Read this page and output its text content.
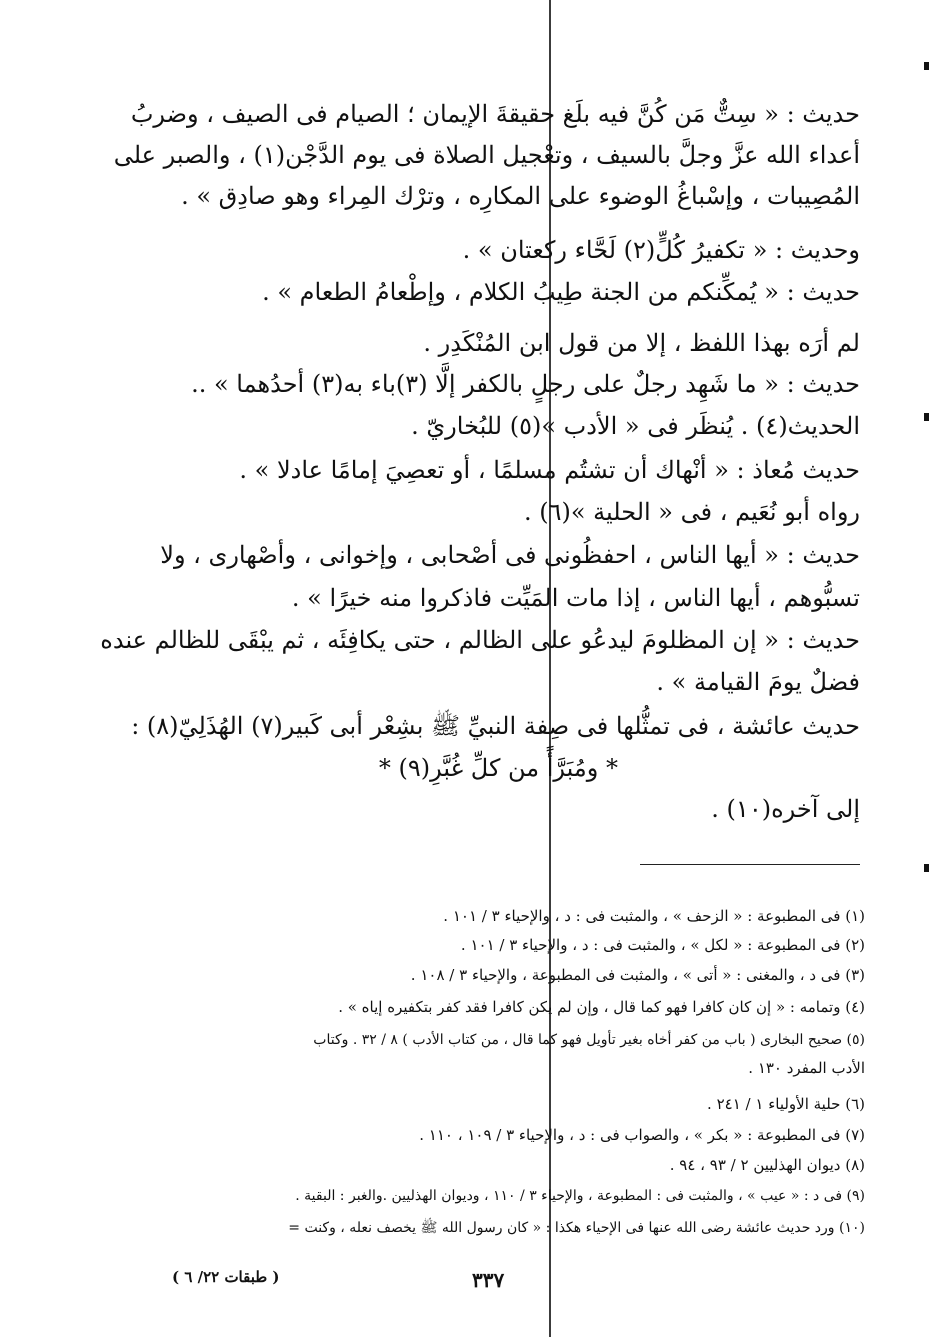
حديث : « سِتٌّ مَن كُنَّ فيه بلَغ حقيقةَ الإيمان ؛ الصيام فى الصيف ، وضربُ
أعداء الله عزَّ وجلَّ بالسيف ، وتعْجيل الصلاة فى يوم الدَّجْن(١) ، والصبر على
المُصِيبات ، وإسْباغُ الوضوء على المكارِه ، وترْك المِراء وهو صادِق » .
وحديث : « تكفيرُ كُلٍّ(٢) لَحَّاء ركعتان » .
حديث : « يُمكِّنكم من الجنة طِيبُ الكلام ، وإطْعامُ الطعام » .
لم أرَه بهذا اللفظ ، إلا من قول ابن المُنْكَدِر .
حديث : « ما شَهِد رجلٌ على رجلٍ بالكفر إلَّا (٣)باء به(٣) أحدُهما » ..
الحديث(٤) . يُنظَر فى « الأدب »(٥) للبُخاريّ .
حديث مُعاذ : « أنْهاك أن تشتُم مسلمًا ، أو تعصِيَ إمامًا عادلا » .
رواه أبو نُعَيم ، فى « الحلية »(٦) .
حديث : « أيها الناس ، احفظُونى فى أصْحابى ، وإخوانى ، وأصْهارى ، ولا
تسبُّوهم ، أيها الناس ، إذا مات المَيِّت فاذكروا منه خيرًا » .
حديث : « إن المظلومَ ليدعُو على الظالم ، حتى يكافِئَه ، ثم يبْقَى للظالم عنده
فضلٌ يومَ القيامة » .
حديث عائشة ، فى تمثُّلها فى صِفة النبيِّ ﷺ بشِعْر أبى كَبير(٧) الهُذَلِيّ(٨) :
* ومُبَرَّأً من كلِّ غُبَّرِ(٩) *
إلى آخره(١٠) .
(١) فى المطبوعة : « الزحف » ، والمثبت فى : د ، والإحياء ٣ / ١٠١ .
(٢) فى المطبوعة : « لكل » ، والمثبت فى : د ، والإحياء ٣ / ١٠١ .
(٣) فى د ، والمغنى : « أتى » ، والمثبت فى المطبوعة ، والإحياء ٣ / ١٠٨ .
(٤) وتمامه : « إن كان كافرا فهو كما قال ، وإن لم يكن كافرا فقد كفر بتكفيره إياه » .
(٥) صحيح البخارى ( باب من كفر أخاه بغير تأويل فهو كما قال ، من كتاب الأدب ) ٨ / ٣٢ . وكتاب
الأدب المفرد ١٣٠ .
(٦) حلية الأولياء ١ / ٢٤١ .
(٧) فى المطبوعة : « بكر » ، والصواب فى : د ، والإحياء ٣ / ١٠٩ ، ١١٠ .
(٨) ديوان الهذليين ٢ / ٩٣ ، ٩٤ .
(٩) فى د : « عيب » ، والمثبت فى : المطبوعة ، والإحياء ٣ / ١١٠ ، وديوان الهذليين .والغبر : البقية .
(١٠) ورد حديث عائشة رضى الله عنها فى الإحياء هكذا : « كان رسول الله ﷺ يخصف نعله ، وكنت =
٣٣٧
( طبقات ٢٢/ ٦ )
